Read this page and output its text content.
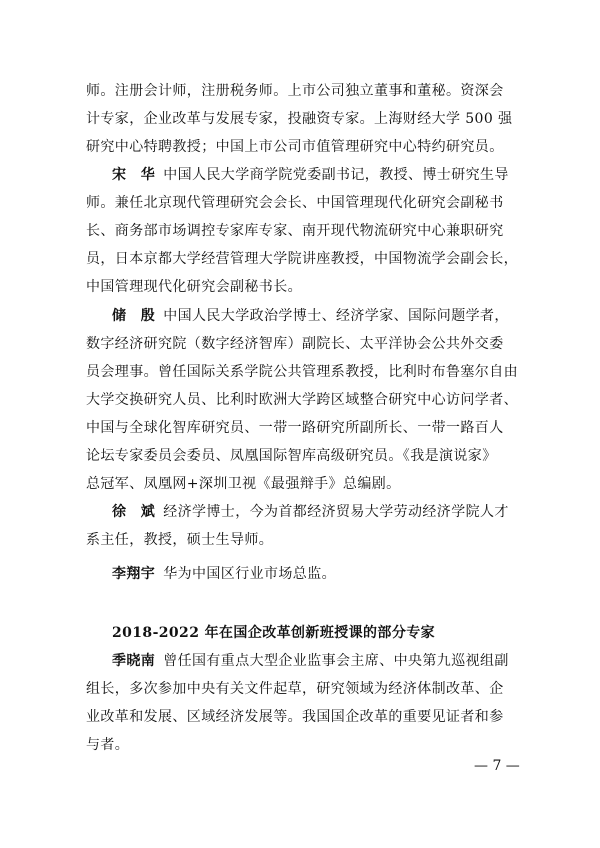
师。注册会计师，注册税务师。上市公司独立董事和董秘。资深会
计专家，企业改革与发展专家，投融资专家。上海财经大学 500 强
研究中心特聘教授；中国上市公司市值管理研究中心特约研究员。
宋　华 中国人民大学商学院党委副书记，教授、博士研究生导
师。兼任北京现代管理研究会会长、中国管理现代化研究会副秘书
长、商务部市场调控专家库专家、南开现代物流研究中心兼职研究
员，日本京都大学经营管理大学院讲座教授，中国物流学会副会长，
中国管理现代化研究会副秘书长。
储　殷 中国人民大学政治学博士、经济学家、国际问题学者，
数字经济研究院（数字经济智库）副院长、太平洋协会公共外交委
员会理事。曾任国际关系学院公共管理系教授，比利时布鲁塞尔自由
大学交换研究人员、比利时欧洲大学跨区域整合研究中心访问学者、
中国与全球化智库研究员、一带一路研究所副所长、一带一路百人
论坛专家委员会委员、凤凰国际智库高级研究员。《我是演说家》
总冠军、凤凰网+深圳卫视《最强辩手》总编剧。
徐　斌 经济学博士，今为首都经济贸易大学劳动经济学院人才
系主任，教授，硕士生导师。
李翔宇 华为中国区行业市场总监。
2018-2022 年在国企改革创新班授课的部分专家
季晓南 曾任国有重点大型企业监事会主席、中央第九巡视组副
组长，多次参加中央有关文件起草，研究领域为经济体制改革、企
业改革和发展、区域经济发展等。我国国企改革的重要见证者和参
与者。
— 7 —
